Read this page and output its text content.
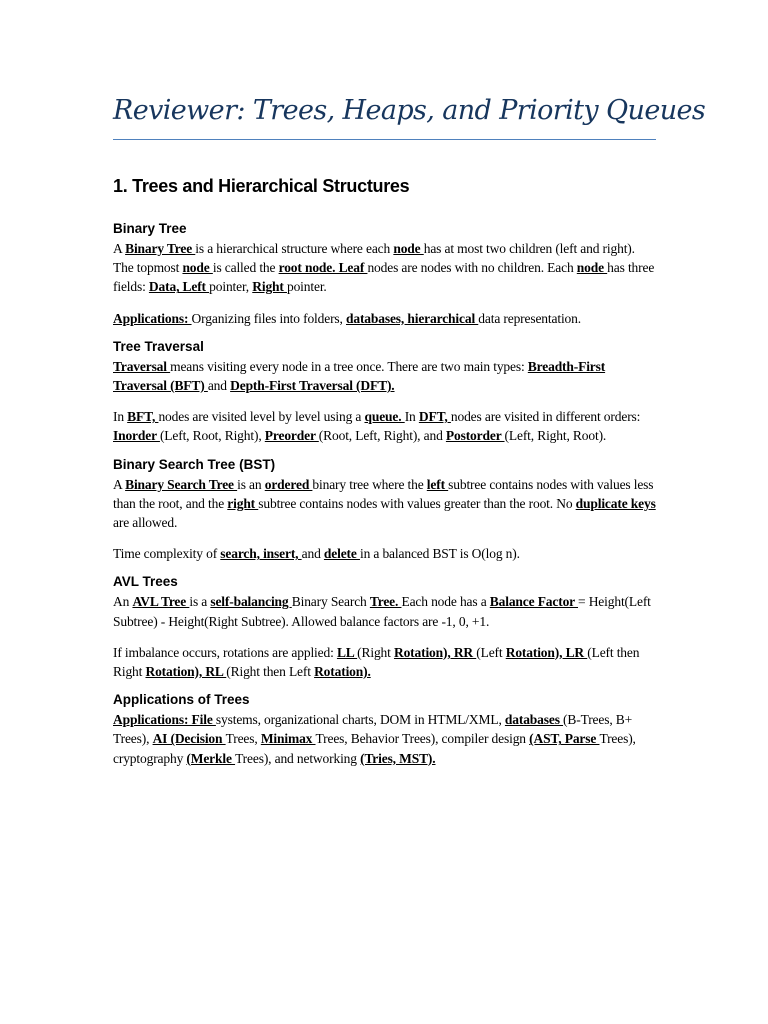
Reviewer: Trees, Heaps, and Priority Queues
1. Trees and Hierarchical Structures
Binary Tree

A Binary Tree is a hierarchical structure where each node has at most two children (left and right). The topmost node is called the root node. Leaf nodes are nodes with no children. Each node has three fields: Data, Left pointer, Right pointer.

Applications: Organizing files into folders, databases, hierarchical data representation.

Tree Traversal

Traversal means visiting every node in a tree once. There are two main types: Breadth-First Traversal (BFT) and Depth-First Traversal (DFT).

In BFT, nodes are visited level by level using a queue. In DFT, nodes are visited in different orders: Inorder (Left, Root, Right), Preorder (Root, Left, Right), and Postorder (Left, Right, Root).

Binary Search Tree (BST)

A Binary Search Tree is an ordered binary tree where the left subtree contains nodes with values less than the root, and the right subtree contains nodes with values greater than the root. No duplicate keys are allowed.

Time complexity of search, insert, and delete in a balanced BST is O(log n).

AVL Trees

An AVL Tree is a self-balancing Binary Search Tree. Each node has a Balance Factor = Height(Left Subtree) - Height(Right Subtree). Allowed balance factors are -1, 0, +1.

If imbalance occurs, rotations are applied: LL (Right Rotation), RR (Left Rotation), LR (Left then Right Rotation), RL (Right then Left Rotation).

Applications of Trees

Applications: File systems, organizational charts, DOM in HTML/XML, databases (B-Trees, B+ Trees), AI (Decision Trees, Minimax Trees, Behavior Trees), compiler design (AST, Parse Trees), cryptography (Merkle Trees), and networking (Tries, MST).
